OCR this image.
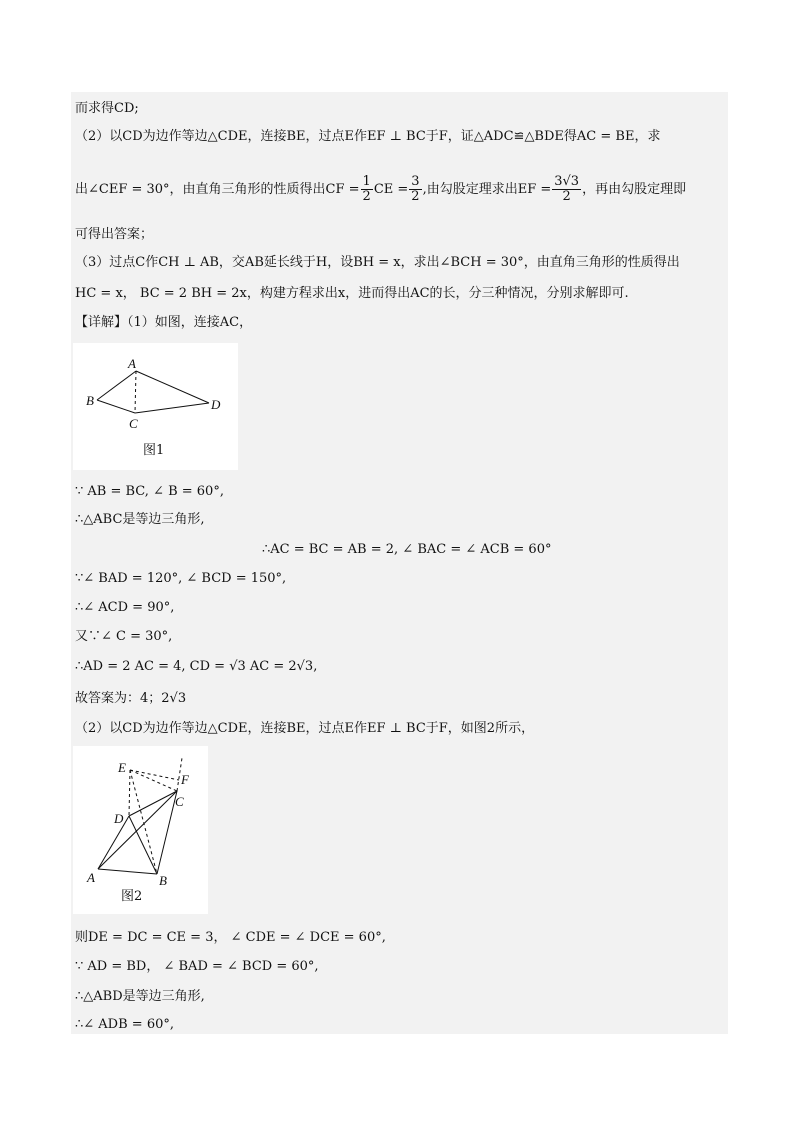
而求得CD;
（2）以CD为边作等边△CDE，连接BE，过点E作EF ⊥ BC于F，证△ADC≌△BDE得AC = BE，求
出∠CEF = 30°，由直角三角形的性质得出CF = $\frac{1}{2}$ CE = $\frac{3}{2}$ ,由勾股定理求出EF = $\frac{3√3}{2}$ ，再由勾股定理即
可得出答案；
（3）过点C作CH ⊥ AB，交AB延长线于H，设BH = x，求出∠BCH = 30°，由直角三角形的性质得出
HC = x， BC = 2 BH = 2x，构建方程求出x，进而得出AC的长，分三种情况，分别求解即可.
【详解】（1）如图，连接AC，
A
B
C
D
图1
∵ AB = BC, ∠ B = 60°,
∴△ABC是等边三角形,
∴AC = BC = AB = 2, ∠ BAC = ∠ ACB = 60°
∵∠ BAD = 120°, ∠ BCD = 150°,
∴∠ ACD = 90°,
又∵∠ C = 30°,
∴AD = 2 AC = 4, CD = √3 AC = 2√3,
故答案为：4；2√3
（2）以CD为边作等边△CDE，连接BE，过点E作EF ⊥ BC于F，如图2所示，
E
F
C
D
A	B
图2
则DE = DC = CE = 3， ∠ CDE = ∠ DCE = 60°,
∵ AD = BD， ∠ BAD = ∠ BCD = 60°,
∴△ABD是等边三角形,
∴∠ ADB = 60°,
